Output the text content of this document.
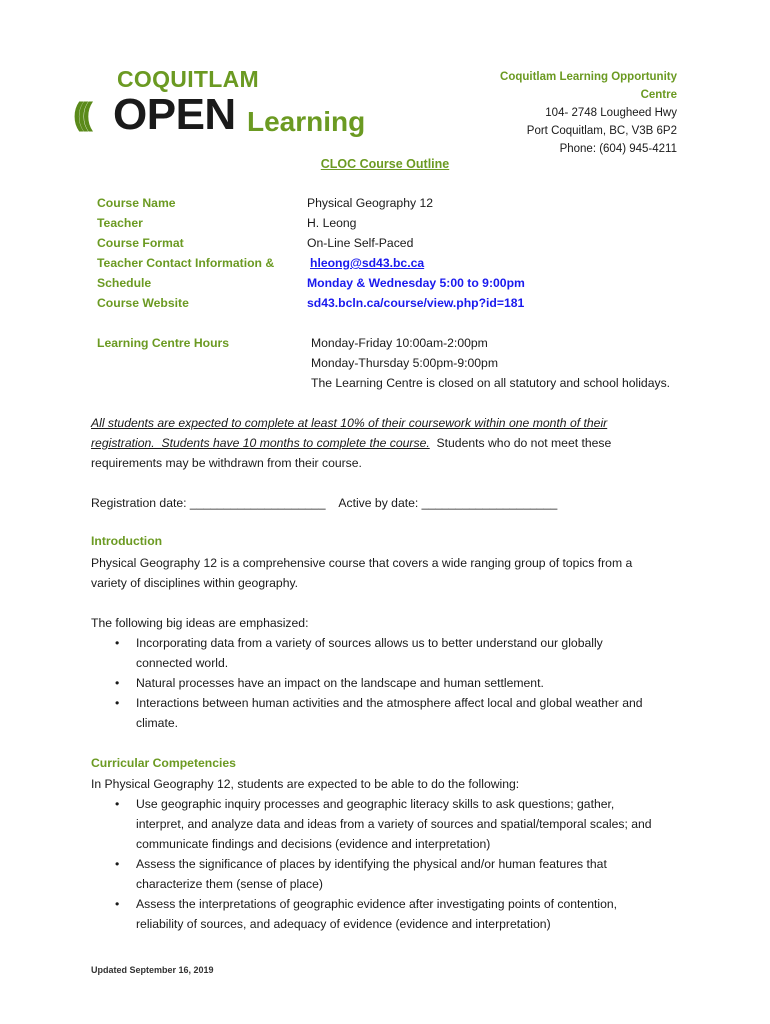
COQUITLAM
((( OPEN Learning
Coquitlam Learning Opportunity
Centre
104- 2748 Lougheed Hwy
Port Coquitlam, BC, V3B 6P2
Phone: (604) 945-4211
CLOC Course Outline
Course Name	Physical Geography 12
Teacher	H. Leong
Course Format	On-Line Self-Paced
Teacher Contact Information &	hleong@sd43.bc.ca
Schedule	Monday & Wednesday 5:00 to 9:00pm
Course Website	sd43.bcln.ca/course/view.php?id=181
Learning Centre Hours	Monday-Friday 10:00am-2:00pm
Monday-Thursday 5:00pm-9:00pm
The Learning Centre is closed on all statutory and school holidays.
All students are expected to complete at least 10% of their coursework within one month of their
registration.  Students have 10 months to complete the course.  Students who do not meet these
requirements may be withdrawn from their course.
Registration date: ____________________    Active by date: ____________________
Introduction
Physical Geography 12 is a comprehensive course that covers a wide ranging group of topics from a
variety of disciplines within geography.
The following big ideas are emphasized:
• Incorporating data from a variety of sources allows us to better understand our globally
connected world.
• Natural processes have an impact on the landscape and human settlement.
• Interactions between human activities and the atmosphere affect local and global weather and
climate.
Curricular Competencies
In Physical Geography 12, students are expected to be able to do the following:
• Use geographic inquiry processes and geographic literacy skills to ask questions; gather,
interpret, and analyze data and ideas from a variety of sources and spatial/temporal scales; and
communicate findings and decisions (evidence and interpretation)
• Assess the significance of places by identifying the physical and/or human features that
characterize them (sense of place)
• Assess the interpretations of geographic evidence after investigating points of contention,
reliability of sources, and adequacy of evidence (evidence and interpretation)
Updated September 16, 2019
